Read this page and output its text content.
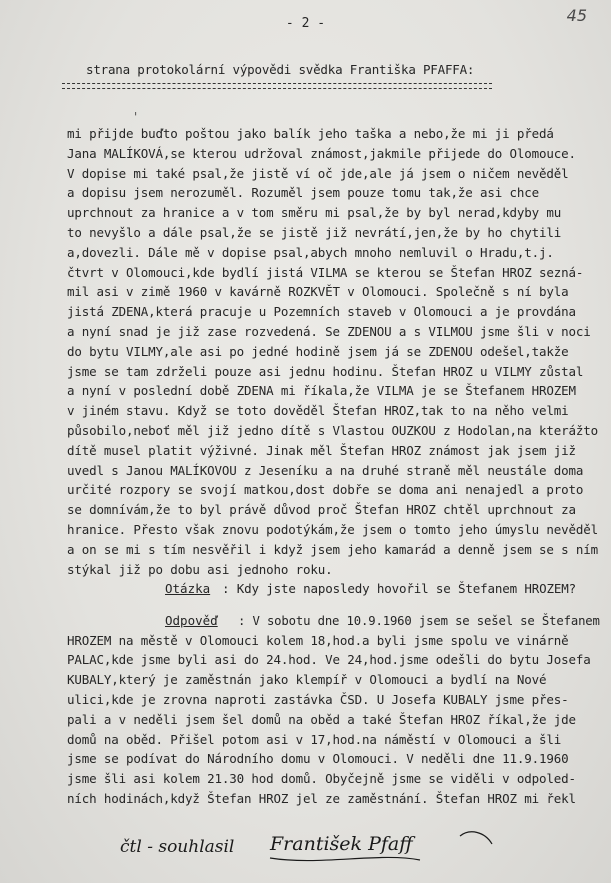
- 2 -	45
strana protokolární výpovědi svědka Františka PFAFFA:
'
mi přijde buďto poštou jako balík jeho taška a nebo,že mi ji předá
Jana MALÍKOVÁ,se kterou udržoval známost,jakmile přijede do Olomouce.
V dopise mi také psal,že jistě ví oč jde,ale já jsem o ničem nevěděl
a dopisu jsem nerozuměl. Rozuměl jsem pouze tomu tak,že asi chce
uprchnout za hranice a v tom směru mi psal,že by byl nerad,kdyby mu
to nevyšlo a dále psal,že se jistě již nevrátí,jen,že by ho chytili
a,dovezli. Dále mě v dopise psal,abych mnoho nemluvil o Hradu,t.j.
čtvrt v Olomouci,kde bydlí jistá VILMA se kterou se Štefan HROZ sezná-
mil asi v zimě 1960 v kavárně ROZKVĚT v Olomouci. Společně s ní byla
jistá ZDENA,která pracuje u Pozemních staveb v Olomouci a je provdána
a nyní snad je již zase rozvedená. Se ZDENOU a s VILMOU jsme šli v noci
do bytu VILMY,ale asi po jedné hodině jsem já se ZDENOU odešel,takže
jsme se tam zdrželi pouze asi jednu hodinu. Štefan HROZ u VILMY zůstal
a nyní v poslední době ZDENA mi říkala,že VILMA je se Štefanem HROZEM
v jiném stavu. Když se toto dověděl Štefan HROZ,tak to na něho velmi
působilo,neboť měl již jedno dítě s Vlastou OUZKOU z Hodolan,na kterážto
dítě musel platit výživné. Jinak měl Štefan HROZ známost jak jsem již
uvedl s Janou MALÍKOVOU z Jeseníku a na druhé straně měl neustále doma
určité rozpory se svojí matkou,dost dobře se doma ani nenajedl a proto
se domnívám,že to byl právě důvod proč Štefan HROZ chtěl uprchnout za
hranice. Přesto však znovu podotýkám,že jsem o tomto jeho úmyslu nevěděl
a on se mi s tím nesvěřil i když jsem jeho kamarád a denně jsem se s ním
stýkal již po dobu asi jednoho roku.
Otázka : Kdy jste naposledy hovořil se Štefanem HROZEM?
Odpověď : V sobotu dne 10.9.1960 jsem se sešel se Štefanem
HROZEM na městě v Olomouci kolem 18,hod.a byli jsme spolu ve vinárně
PALAC,kde jsme byli asi do 24.hod. Ve 24,hod.jsme odešli do bytu Josefa
KUBALY,který je zaměstnán jako klempíř v Olomouci a bydlí na Nové
ulici,kde je zrovna naproti zastávka ČSD. U Josefa KUBALY jsme přes-
pali a v neděli jsem šel domů na oběd a také Štefan HROZ říkal,že jde
domů na oběd. Přišel potom asi v 17,hod.na náměstí v Olomouci a šli
jsme se podívat do Národního domu v Olomouci. V neděli dne 11.9.1960
jsme šli asi kolem 21.30 hod domů. Obyčejně jsme se viděli v odpoled-
ních hodinách,když Štefan HROZ jel ze zaměstnání. Štefan HROZ mi řekl
čtl - souhlasil František Pfaff
